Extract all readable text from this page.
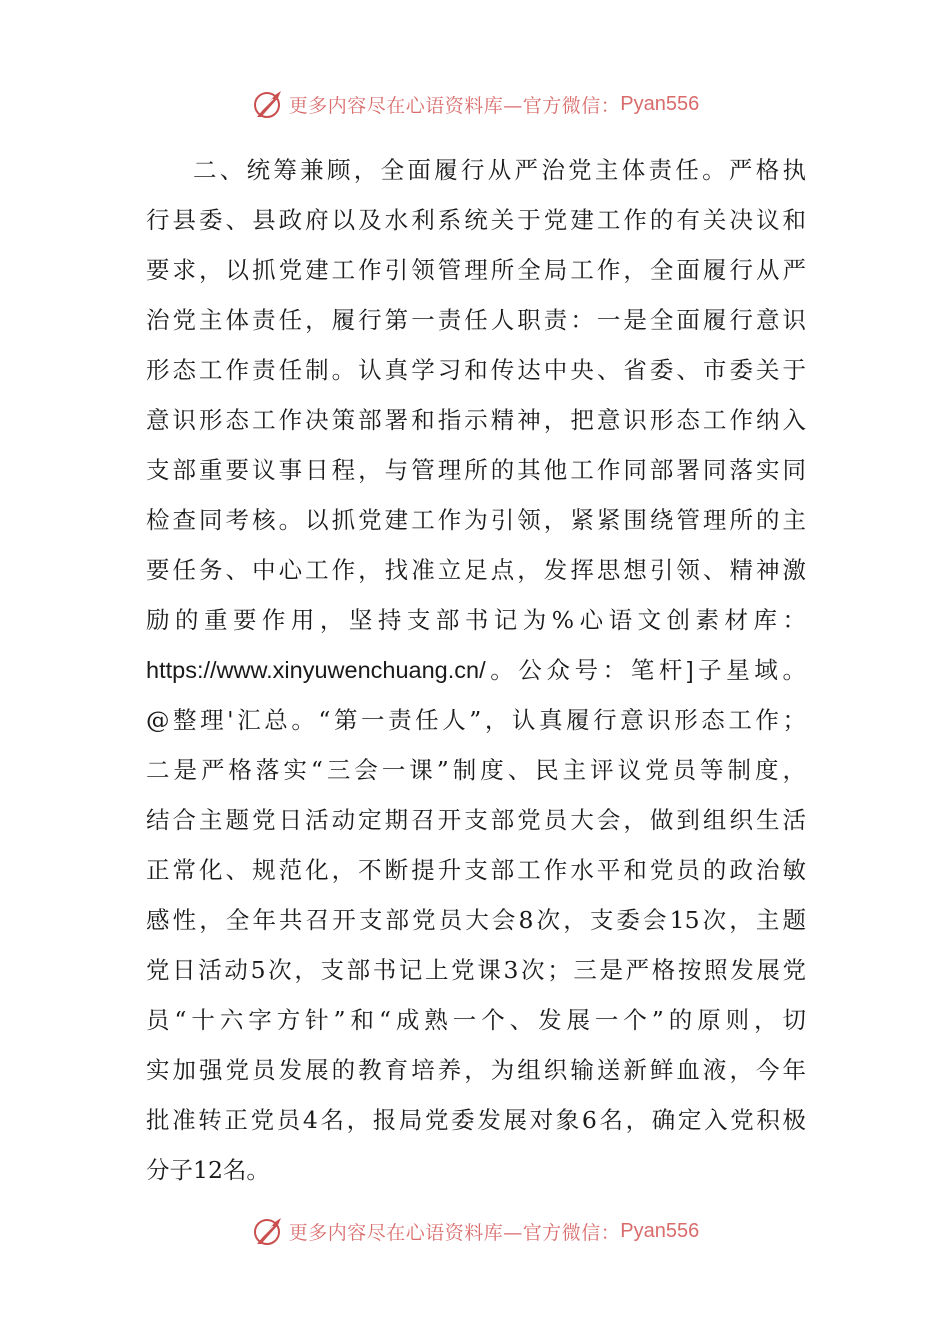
更多内容尽在心语资料库—官方微信： Pyan556
二、统筹兼顾，全面履行从严治党主体责任。严格执
行县委、县政府以及水利系统关于党建工作的有关决议和
要求，以抓党建工作引领管理所全局工作，全面履行从严
治党主体责任，履行第一责任人职责：一是全面履行意识
形态工作责任制。认真学习和传达中央、省委、市委关于
意识形态工作决策部署和指示精神，把意识形态工作纳入
支部重要议事日程，与管理所的其他工作同部署同落实同
检查同考核。以抓党建工作为引领，紧紧围绕管理所的主
要任务、中心工作，找准立足点，发挥思想引领、精神激
励的重要作用，坚持支部书记为%心语文创素材库：
https://www.xinyuwenchuang.cn/。公众号：笔杆]子星域。
@整理'汇总。“第一责任人”，认真履行意识形态工作；
二是严格落实“三会一课”制度、民主评议党员等制度，
结合主题党日活动定期召开支部党员大会，做到组织生活
正常化、规范化，不断提升支部工作水平和党员的政治敏
感性，全年共召开支部党员大会8次，支委会15次，主题
党日活动5次，支部书记上党课3次；三是严格按照发展党
员“十六字方针”和“成熟一个、发展一个”的原则，切
实加强党员发展的教育培养，为组织输送新鲜血液，今年
批准转正党员4名，报局党委发展对象6名，确定入党积极
分子12名。
更多内容尽在心语资料库—官方微信： Pyan556
